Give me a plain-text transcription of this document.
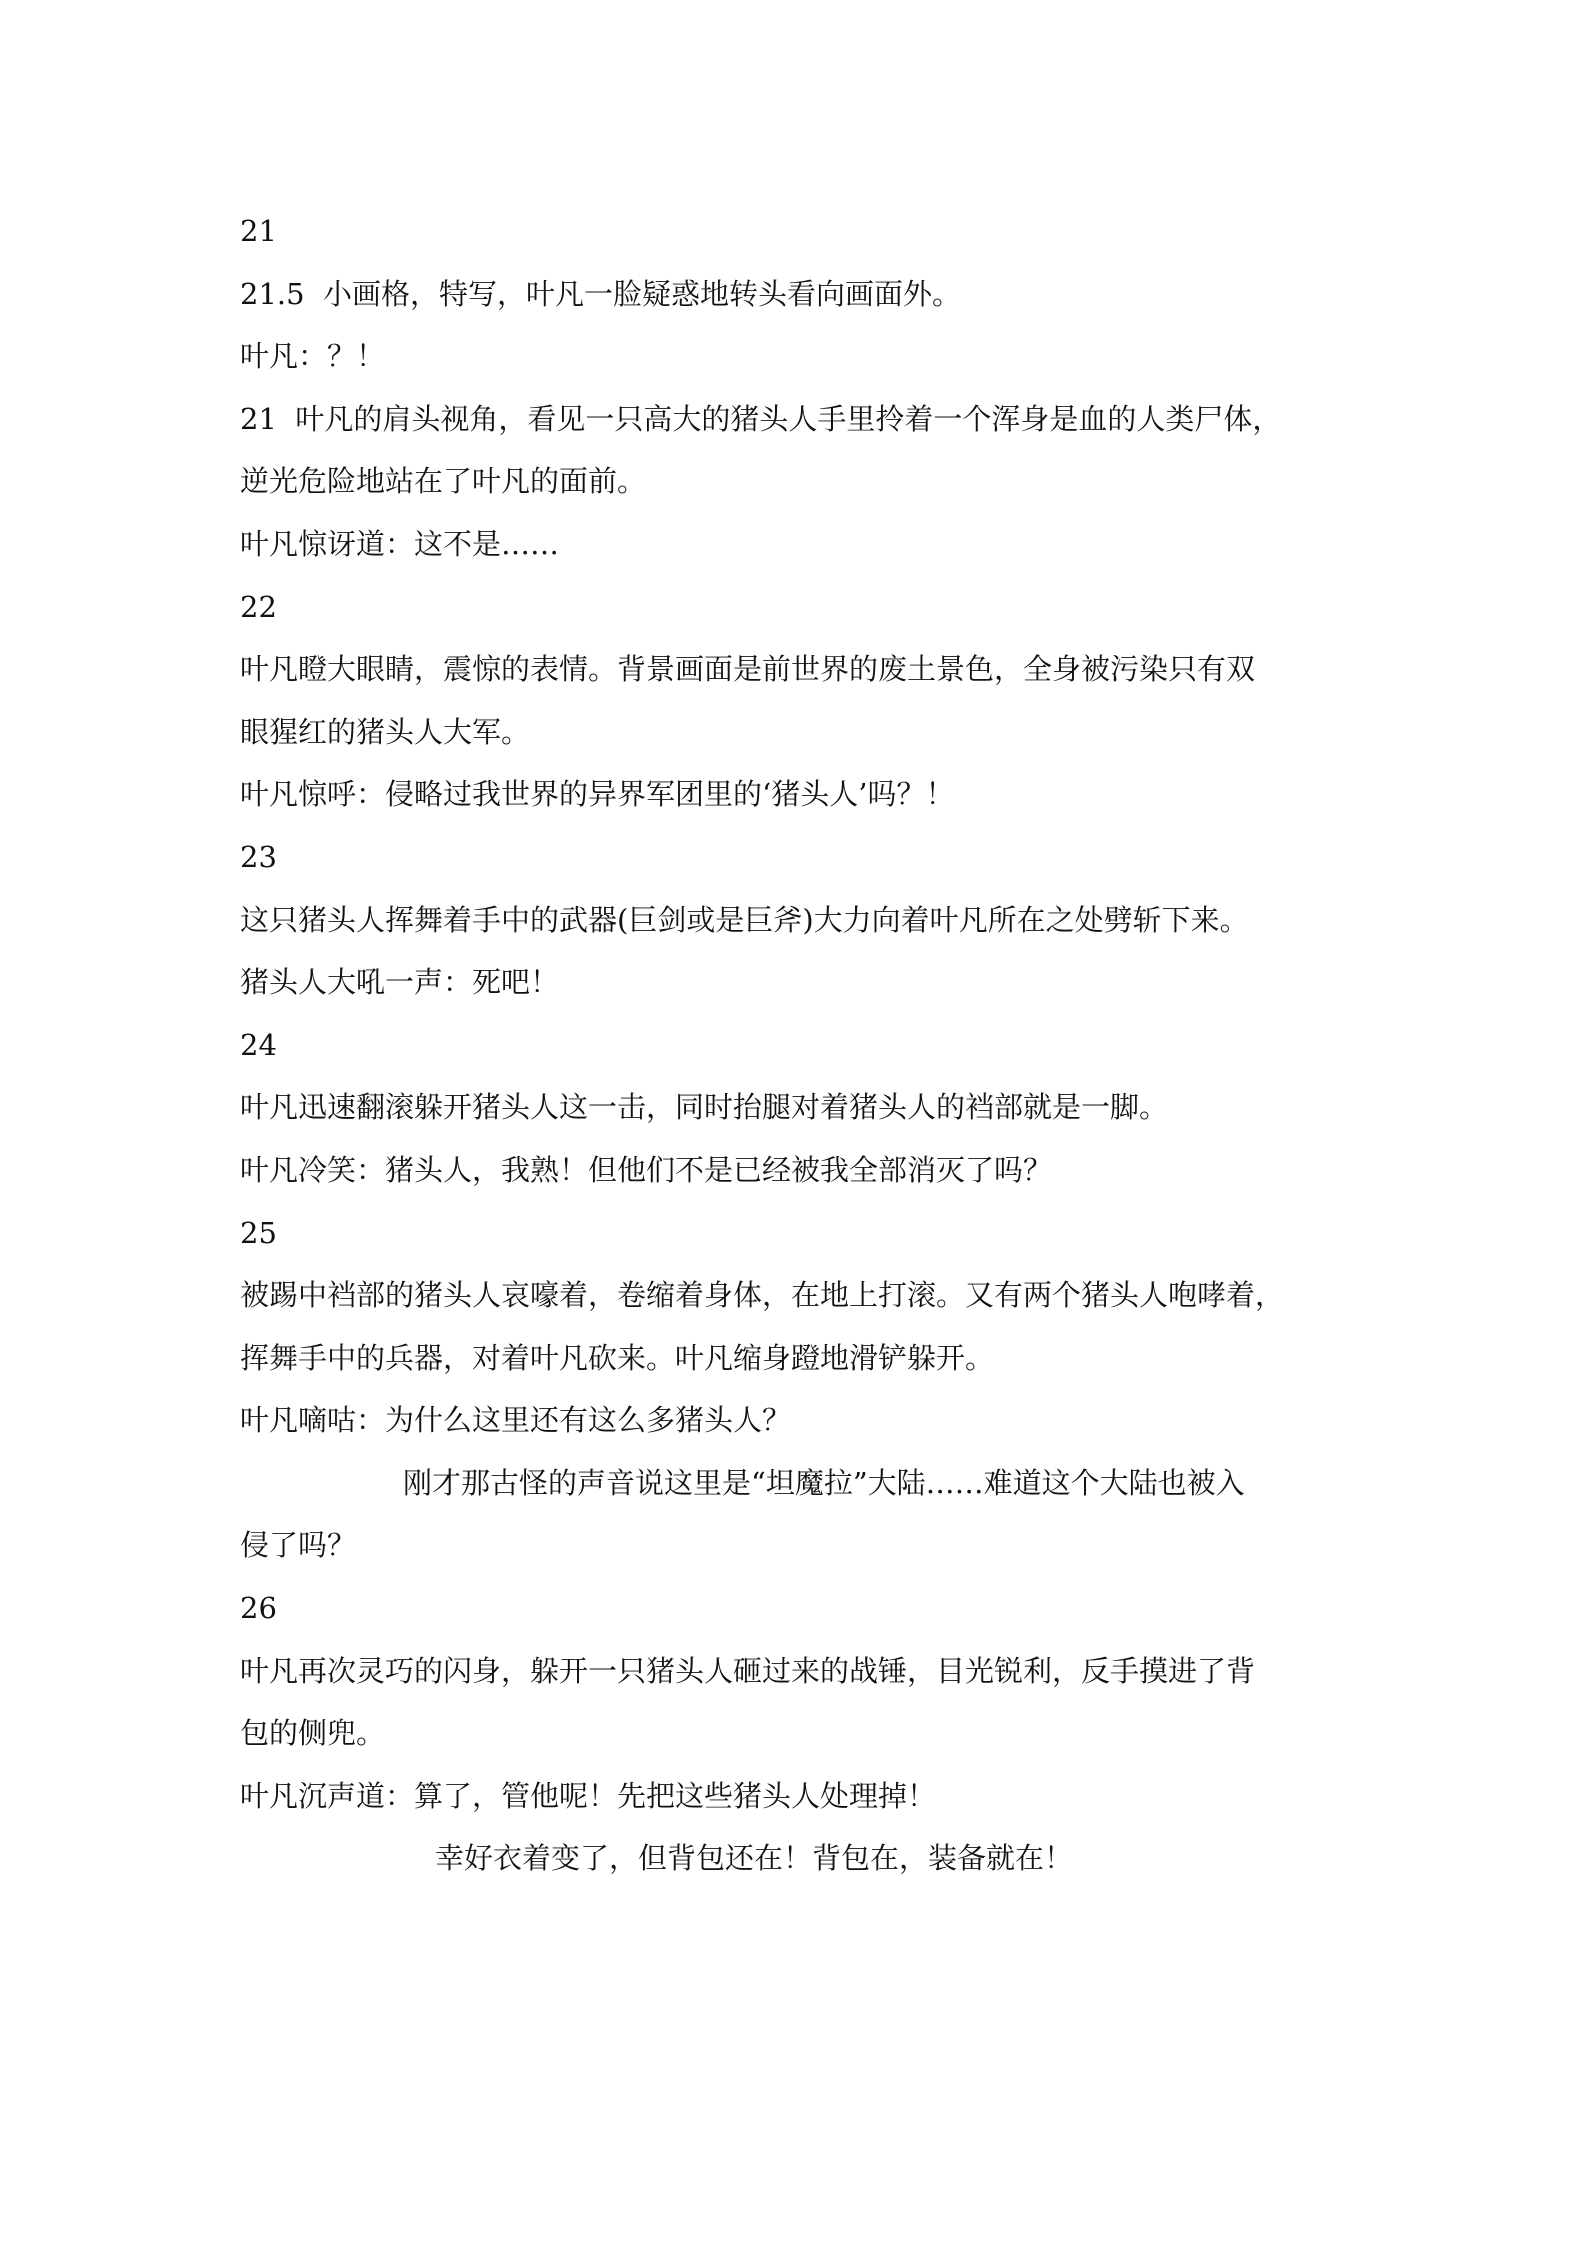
21
21.5  小画格，特写，叶凡一脸疑惑地转头看向画面外。
叶凡：？！
21  叶凡的肩头视角，看见一只高大的猪头人手里拎着一个浑身是血的人类尸体，
逆光危险地站在了叶凡的面前。
叶凡惊讶道：这不是……
22
叶凡瞪大眼睛，震惊的表情。背景画面是前世界的废土景色，全身被污染只有双
眼猩红的猪头人大军。
叶凡惊呼：侵略过我世界的异界军团里的‘猪头人’吗？！
23
这只猪头人挥舞着手中的武器(巨剑或是巨斧)大力向着叶凡所在之处劈斩下来。
猪头人大吼一声：死吧！
24
叶凡迅速翻滚躲开猪头人这一击，同时抬腿对着猪头人的裆部就是一脚。
叶凡冷笑：猪头人，我熟！但他们不是已经被我全部消灭了吗？
25
被踢中裆部的猪头人哀嚎着，卷缩着身体，在地上打滚。又有两个猪头人咆哮着，
挥舞手中的兵器，对着叶凡砍来。叶凡缩身蹬地滑铲躲开。
叶凡嘀咕：为什么这里还有这么多猪头人？
刚才那古怪的声音说这里是“坦魔拉”大陆……难道这个大陆也被入
侵了吗？
26
叶凡再次灵巧的闪身，躲开一只猪头人砸过来的战锤，目光锐利，反手摸进了背
包的侧兜。
叶凡沉声道：算了，管他呢！先把这些猪头人处理掉！
幸好衣着变了，但背包还在！背包在，装备就在！
